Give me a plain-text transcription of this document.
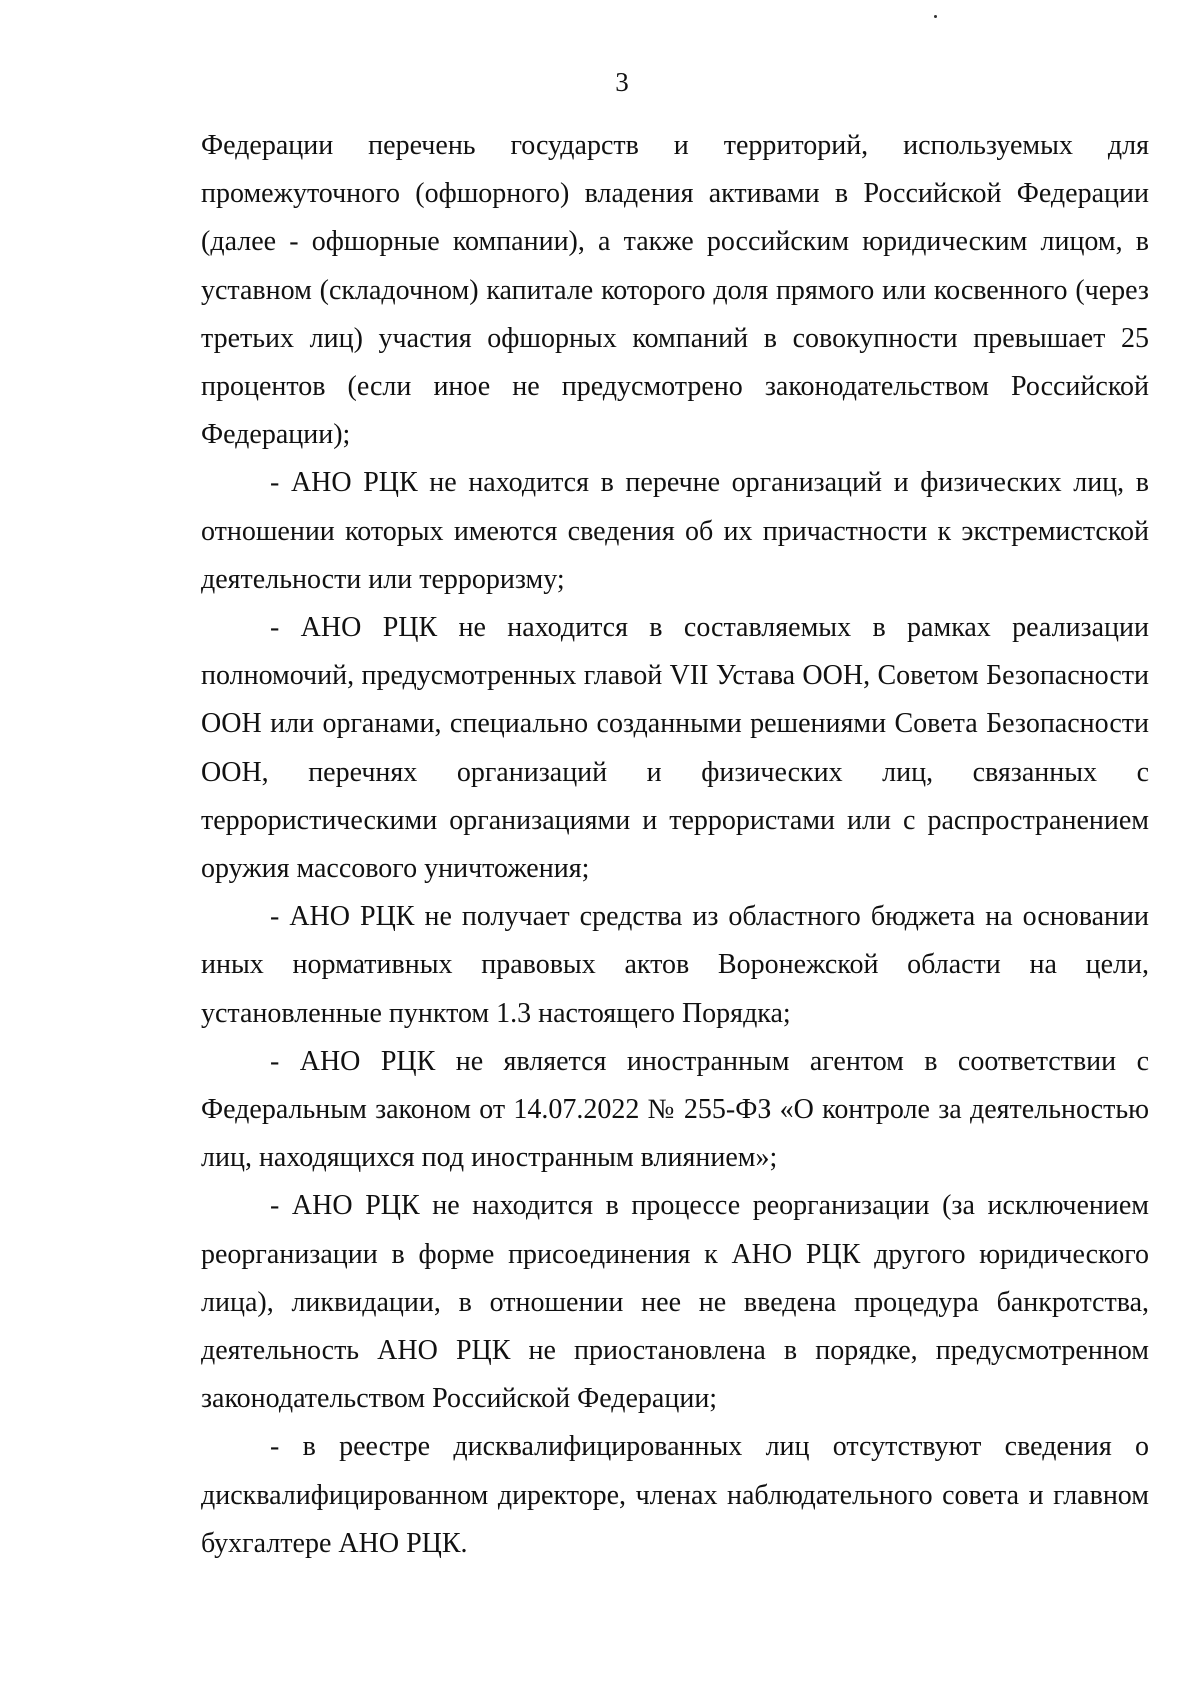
3

Федерации перечень государств и территорий, используемых для промежуточного (офшорного) владения активами в Российской Федерации (далее - офшорные компании), а также российским юридическим лицом, в уставном (складочном) капитале которого доля прямого или косвенного (через третьих лиц) участия офшорных компаний в совокупности превышает 25 процентов (если иное не предусмотрено законодательством Российской Федерации);

- АНО РЦК не находится в перечне организаций и физических лиц, в отношении которых имеются сведения об их причастности к экстремистской деятельности или терроризму;

- АНО РЦК не находится в составляемых в рамках реализации полномочий, предусмотренных главой VII Устава ООН, Советом Безопасности ООН или органами, специально созданными решениями Совета Безопасности ООН, перечнях организаций и физических лиц, связанных с террористическими организациями и террористами или с распространением оружия массового уничтожения;

- АНО РЦК не получает средства из областного бюджета на основании иных нормативных правовых актов Воронежской области на цели, установленные пунктом 1.3 настоящего Порядка;

- АНО РЦК не является иностранным агентом в соответствии с Федеральным законом от 14.07.2022 № 255-ФЗ «О контроле за деятельностью лиц, находящихся под иностранным влиянием»;

- АНО РЦК не находится в процессе реорганизации (за исключением реорганизации в форме присоединения к АНО РЦК другого юридического лица), ликвидации, в отношении нее не введена процедура банкротства, деятельность АНО РЦК не приостановлена в порядке, предусмотренном законодательством Российской Федерации;

- в реестре дисквалифицированных лиц отсутствуют сведения о дисквалифицированном директоре, членах наблюдательного совета и главном бухгалтере АНО РЦК.
